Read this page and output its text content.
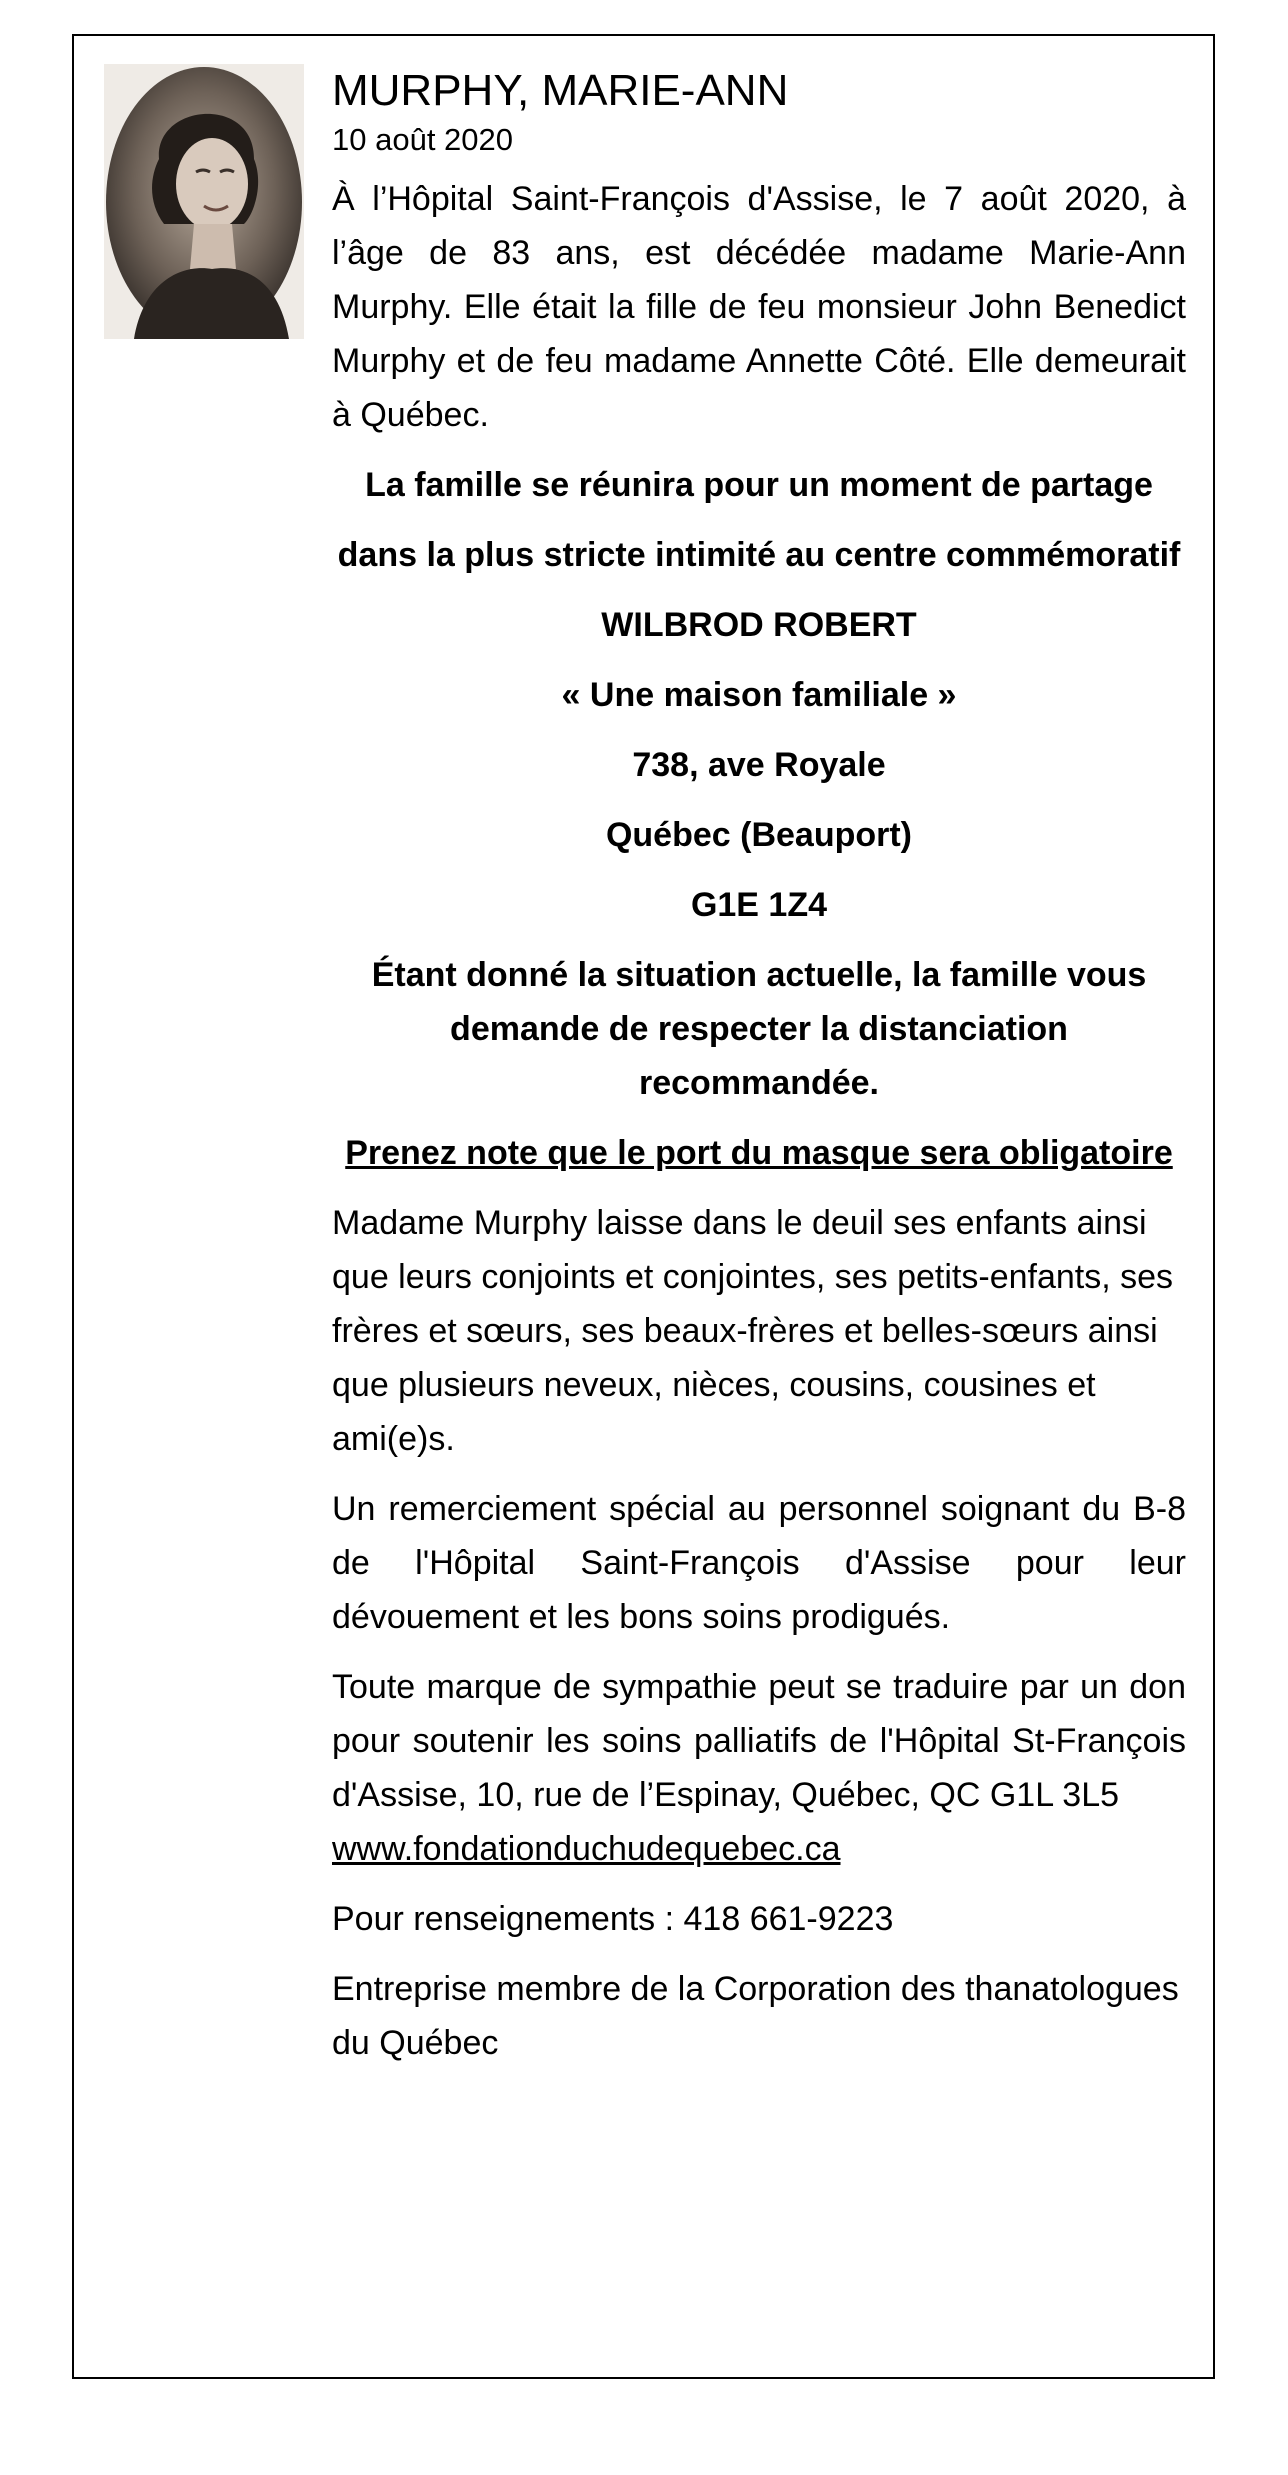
MURPHY, MARIE-ANN
10 août 2020

À l’Hôpital Saint-François d'Assise, le 7 août 2020, à l’âge de 83 ans, est décédée madame Marie-Ann Murphy. Elle était la fille de feu monsieur John Benedict Murphy et de feu madame Annette Côté. Elle demeurait à Québec.

La famille se réunira pour un moment de partage

dans la plus stricte intimité au centre commémoratif

WILBROD ROBERT

« Une maison familiale »

738, ave Royale

Québec (Beauport)

G1E 1Z4

Étant donné la situation actuelle, la famille vous demande de respecter la distanciation recommandée.

Prenez note que le port du masque sera obligatoire

Madame Murphy laisse dans le deuil ses enfants ainsi que leurs conjoints et conjointes, ses petits-enfants, ses frères et sœurs, ses beaux-frères et belles-sœurs ainsi que plusieurs neveux, nièces, cousins, cousines et ami(e)s.

Un remerciement spécial au personnel soignant du B-8 de l'Hôpital Saint-François d'Assise pour leur dévouement et les bons soins prodigués.

Toute marque de sympathie peut se traduire par un don pour soutenir les soins palliatifs de l'Hôpital St-François d'Assise, 10, rue de l’Espinay, Québec, QC G1L 3L5
www.fondationduchudequebec.ca

Pour renseignements : 418 661-9223

Entreprise membre de la Corporation des thanatologues du Québec
